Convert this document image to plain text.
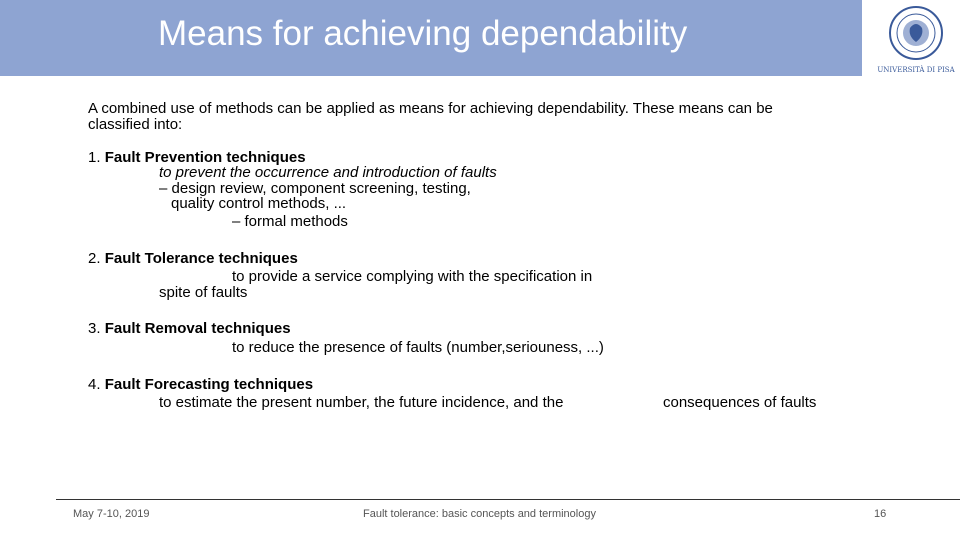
Means for achieving dependability
UNIVERSITÀ DI PISA
A combined use of methods can be applied as means for achieving dependability. These means can be
classified into:
1. Fault Prevention techniques
to prevent the occurrence and introduction of faults
– design review, component screening, testing,
quality control methods, ...
– formal methods
2. Fault Tolerance techniques
to provide a service complying with the specification in
spite of faults
3. Fault Removal techniques
to reduce the presence of faults (number,seriouness, ...)
4. Fault Forecasting techniques
to estimate the present number, the future incidence, and the	consequences of faults
May 7-10, 2019	Fault tolerance: basic concepts and terminology	16
